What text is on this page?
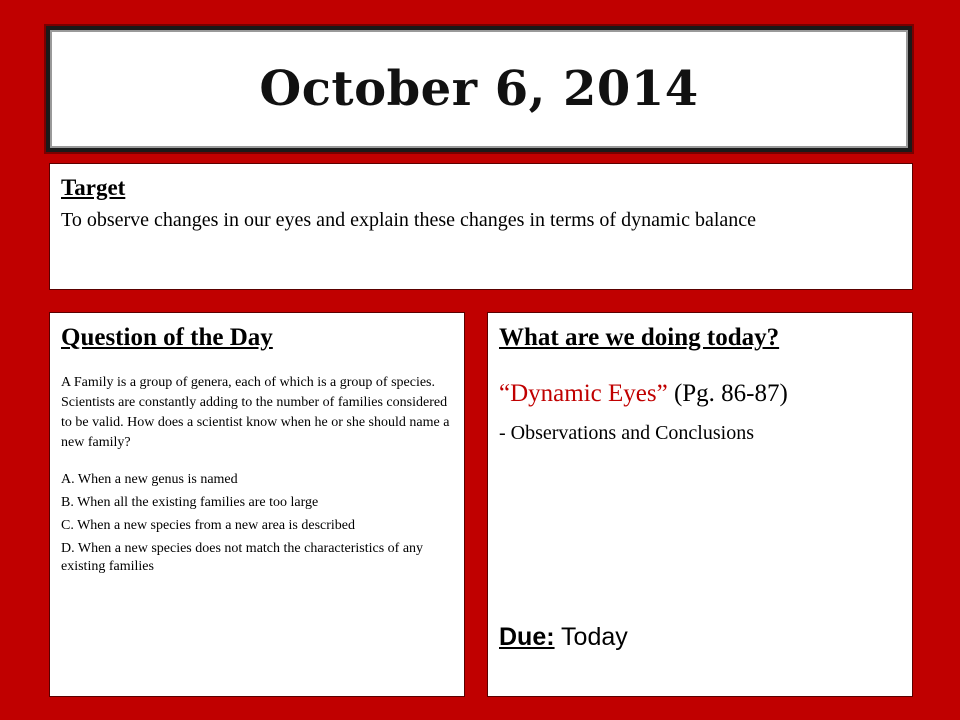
October 6, 2014
Target
To observe changes in our eyes and explain these changes in terms of dynamic balance
Question of the Day
A Family is a group of genera, each of which is a group of species. Scientists are constantly adding to the number of families considered to be valid. How does a scientist know when he or she should name a new family?
A. When a new genus is named
B. When all the existing families are too large
C. When a new species from a new area is described
D. When a new species does not match the characteristics of any existing families
What are we doing today?
“Dynamic Eyes” (Pg. 86-87)
- Observations and Conclusions
Due: Today
